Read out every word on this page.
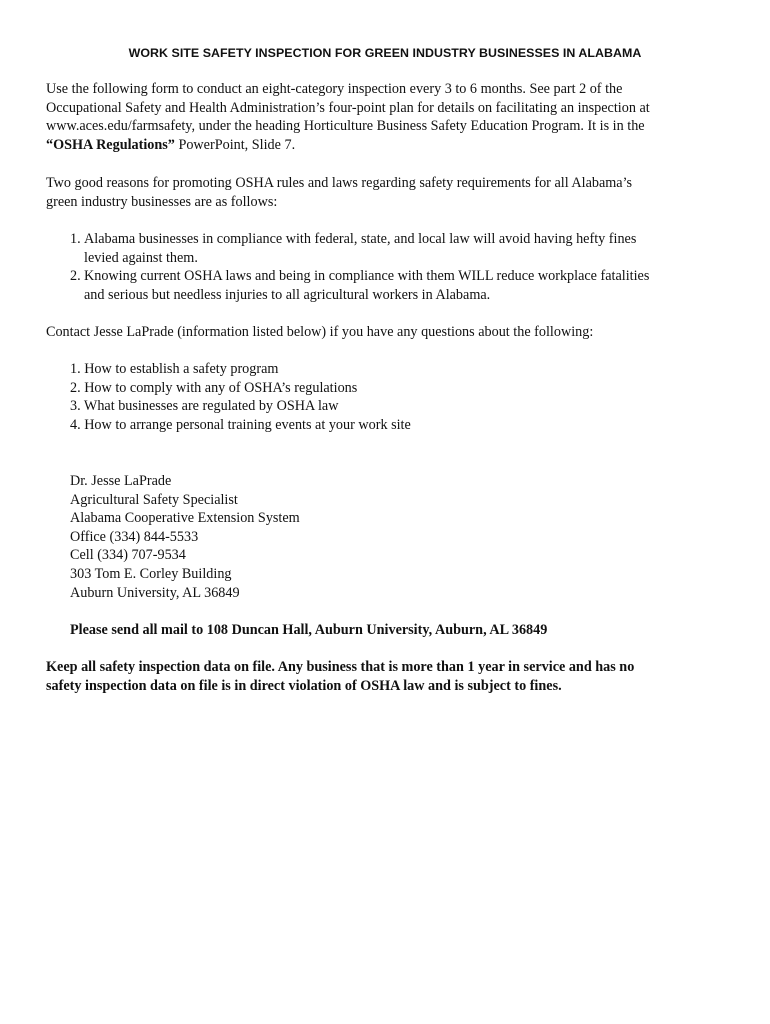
WORK SITE SAFETY INSPECTION FOR GREEN INDUSTRY BUSINESSES IN ALABAMA
Use the following form to conduct an eight-category inspection every 3 to 6 months. See part 2 of the
Occupational Safety and Health Administration’s four-point plan for details on facilitating an inspection at
www.aces.edu/farmsafety, under the heading Horticulture Business Safety Education Program. It is in the
“OSHA Regulations” PowerPoint, Slide 7.
Two good reasons for promoting OSHA rules and laws regarding safety requirements for all Alabama’s
green industry businesses are as follows:
1. Alabama businesses in compliance with federal, state, and local law will avoid having hefty fines
levied against them.
2. Knowing current OSHA laws and being in compliance with them WILL reduce workplace fatalities
and serious but needless injuries to all agricultural workers in Alabama.
Contact Jesse LaPrade (information listed below) if you have any questions about the following:
1. How to establish a safety program
2. How to comply with any of OSHA’s regulations
3. What businesses are regulated by OSHA law
4. How to arrange personal training events at your work site
Dr. Jesse LaPrade
Agricultural Safety Specialist
Alabama Cooperative Extension System
Office (334) 844-5533
Cell (334) 707-9534
303 Tom E. Corley Building
Auburn University, AL 36849
Please send all mail to 108 Duncan Hall, Auburn University, Auburn, AL 36849
Keep all safety inspection data on file. Any business that is more than 1 year in service and has no
safety inspection data on file is in direct violation of OSHA law and is subject to fines.
